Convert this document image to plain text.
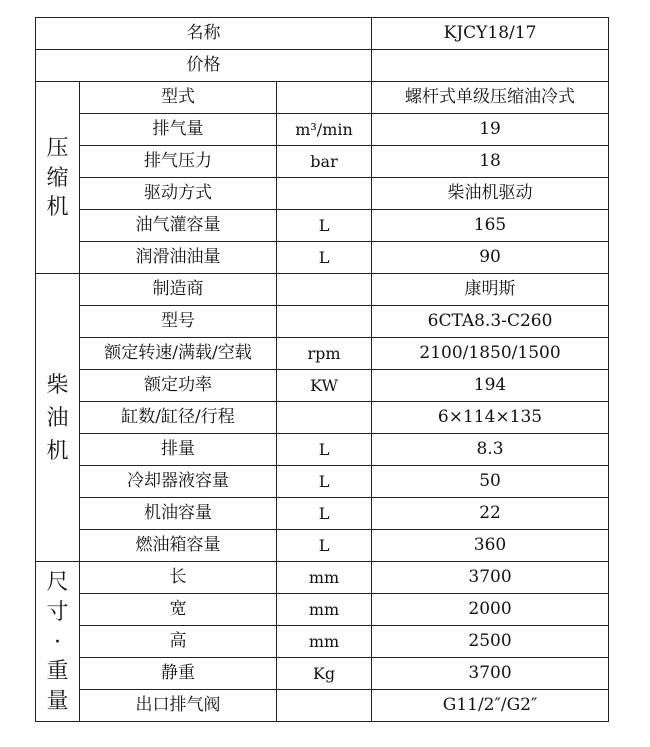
名称			KJCY18/17
价格			

压
缩
机	型式		螺杆式单级压缩油冷式
	排气量	m³/min	19
	排气压力	bar	18
	驱动方式		柴油机驱动
	油气灌容量	L	165
	润滑油油量	L	90

柴
油
机	制造商		康明斯
	型号		6CTA8.3-C260
	额定转速/满载/空载	rpm	2100/1850/1500
	额定功率	KW	194
	缸数/缸径/行程		6×114×135
	排量	L	8.3
	冷却器液容量	L	50
	机油容量	L	22
	燃油箱容量	L	360

尺
寸
·
重
量	长	mm	3700
	宽	mm	2000
	高	mm	2500
	静重	Kg	3700
	出口排气阀		G11/2″/G2″
